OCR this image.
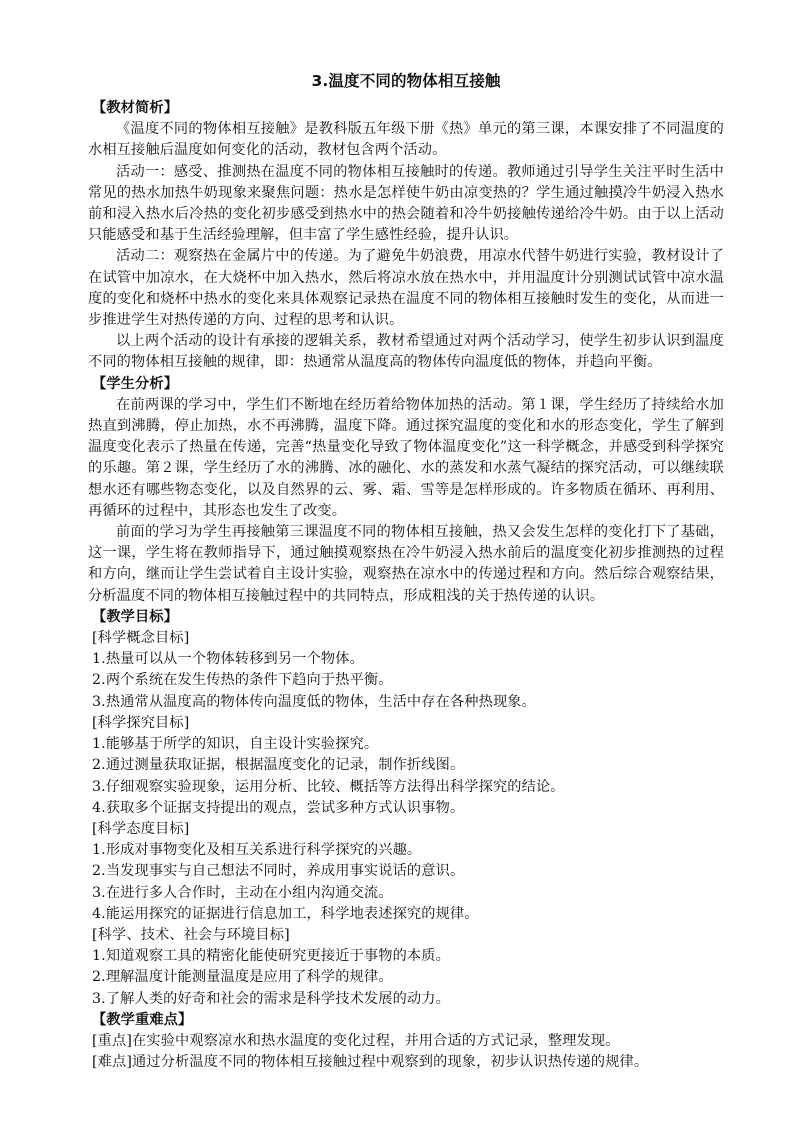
3.温度不同的物体相互接触

【教材简析】

《温度不同的物体相互接触》是教科版五年级下册《热》单元的第三课，本课安排了不同温度的水相互接触后温度如何变化的活动，教材包含两个活动。

活动一：感受、推测热在温度不同的物体相互接触时的传递。教师通过引导学生关注平时生活中常见的热水加热牛奶现象来聚焦问题：热水是怎样使牛奶由凉变热的？学生通过触摸冷牛奶浸入热水前和浸入热水后冷热的变化初步感受到热水中的热会随着和冷牛奶接触传递给冷牛奶。由于以上活动只能感受和基于生活经验理解，但丰富了学生感性经验，提升认识。

活动二：观察热在金属片中的传递。为了避免牛奶浪费，用凉水代替牛奶进行实验，教材设计了在试管中加凉水，在大烧杯中加入热水，然后将凉水放在热水中，并用温度计分别测试试管中凉水温度的变化和烧杯中热水的变化来具体观察记录热在温度不同的物体相互接触时发生的变化，从而进一步推进学生对热传递的方向、过程的思考和认识。

以上两个活动的设计有承接的逻辑关系，教材希望通过对两个活动学习，使学生初步认识到温度不同的物体相互接触的规律，即：热通常从温度高的物体传向温度低的物体，并趋向平衡。

【学生分析】

在前两课的学习中，学生们不断地在经历着给物体加热的活动。第１课，学生经历了持续给水加热直到沸腾，停止加热，水不再沸腾，温度下降。通过探究温度的变化和水的形态变化，学生了解到温度变化表示了热量在传递，完善“热量变化导致了物体温度变化”这一科学概念，并感受到科学探究的乐趣。第２课，学生经历了水的沸腾、冰的融化、水的蒸发和水蒸气凝结的探究活动，可以继续联想水还有哪些物态变化，以及自然界的云、雾、霜、雪等是怎样形成的。许多物质在循环、再利用、再循环的过程中，其形态也发生了改变。

前面的学习为学生再接触第三课温度不同的物体相互接触，热又会发生怎样的变化打下了基础，这一课，学生将在教师指导下，通过触摸观察热在冷牛奶浸入热水前后的温度变化初步推测热的过程和方向，继而让学生尝试着自主设计实验，观察热在凉水中的传递过程和方向。然后综合观察结果，分析温度不同的物体相互接触过程中的共同特点，形成粗浅的关于热传递的认识。

【教学目标】

[科学概念目标]

1.热量可以从一个物体转移到另一个物体。

2.两个系统在发生传热的条件下趋向于热平衡。

3.热通常从温度高的物体传向温度低的物体，生活中存在各种热现象。

[科学探究目标]

1.能够基于所学的知识，自主设计实验探究。

2.通过测量获取证据，根据温度变化的记录，制作折线图。

3.仔细观察实验现象，运用分析、比较、概括等方法得出科学探究的结论。

4.获取多个证据支持提出的观点，尝试多种方式认识事物。

[科学态度目标]

1.形成对事物变化及相互关系进行科学探究的兴趣。

2.当发现事实与自己想法不同时，养成用事实说话的意识。

3.在进行多人合作时，主动在小组内沟通交流。

4.能运用探究的证据进行信息加工，科学地表述探究的规律。

[科学、技术、社会与环境目标]

1.知道观察工具的精密化能使研究更接近于事物的本质。

2.理解温度计能测量温度是应用了科学的规律。

3.了解人类的好奇和社会的需求是科学技术发展的动力。

【教学重难点】

[重点]在实验中观察凉水和热水温度的变化过程，并用合适的方式记录，整理发现。

[难点]通过分析温度不同的物体相互接触过程中观察到的现象，初步认识热传递的规律。
